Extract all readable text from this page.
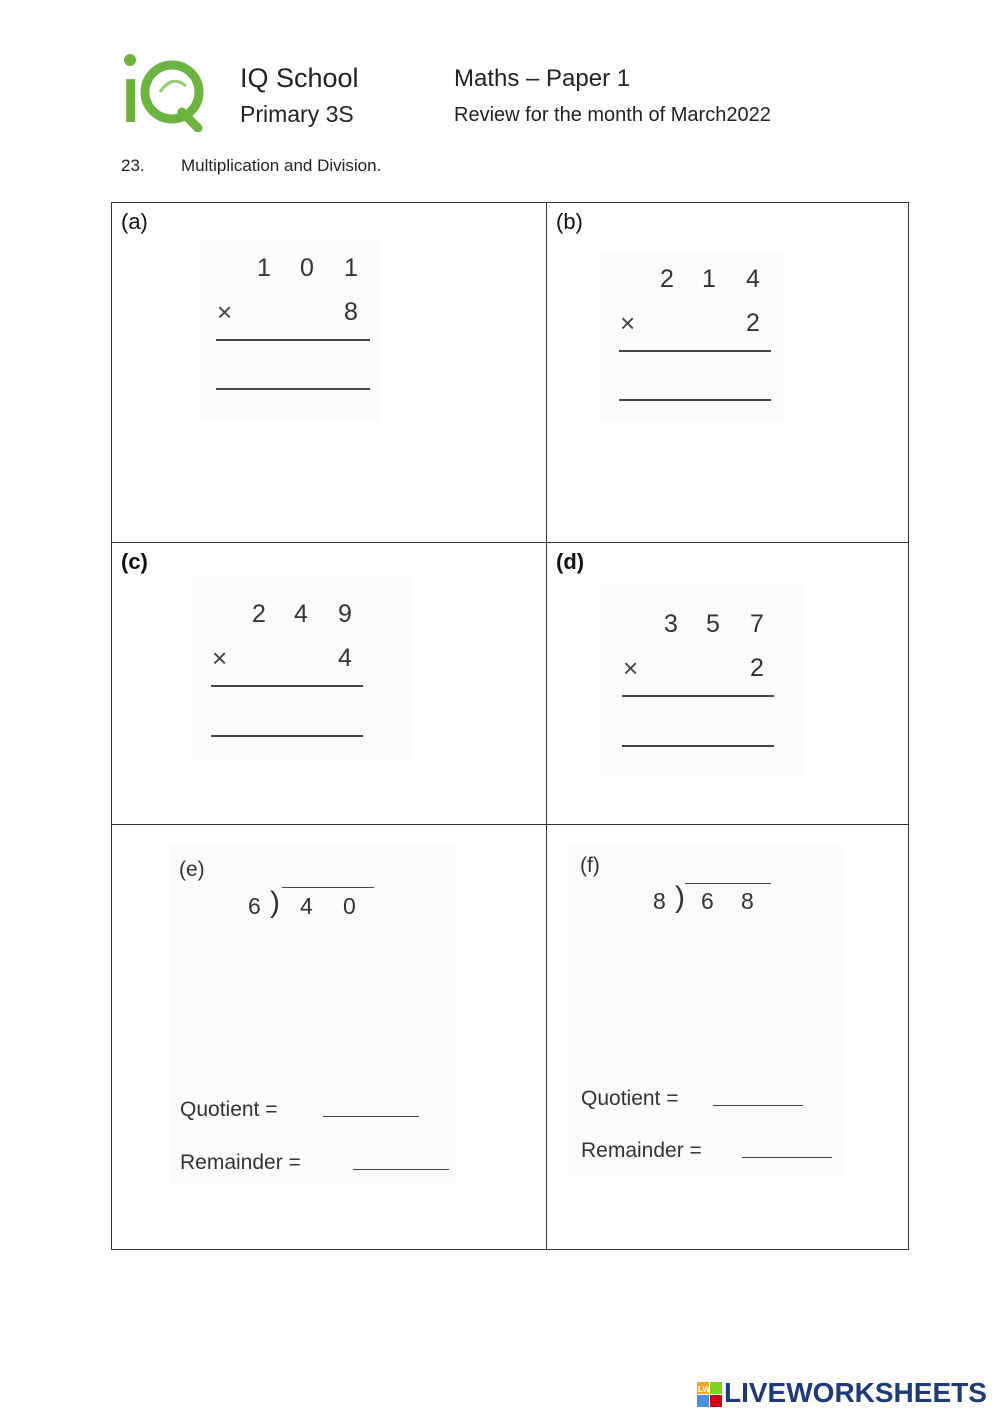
I	IQ School
Primary 3S
Maths – Paper 1
Review for the month of March2022
23. Multiplication and Division.
(a)
1 0 1
×	8
(b)
2 1 4
×	2
(c)
2 4 9
×	4
(d)
3 5 7
×	2
(e)
6 ) 4 0
Quotient =
Remainder =
(f)
8 ) 6 8
Quotient =
Remainder =
LW LIVEWORKSHEETS
